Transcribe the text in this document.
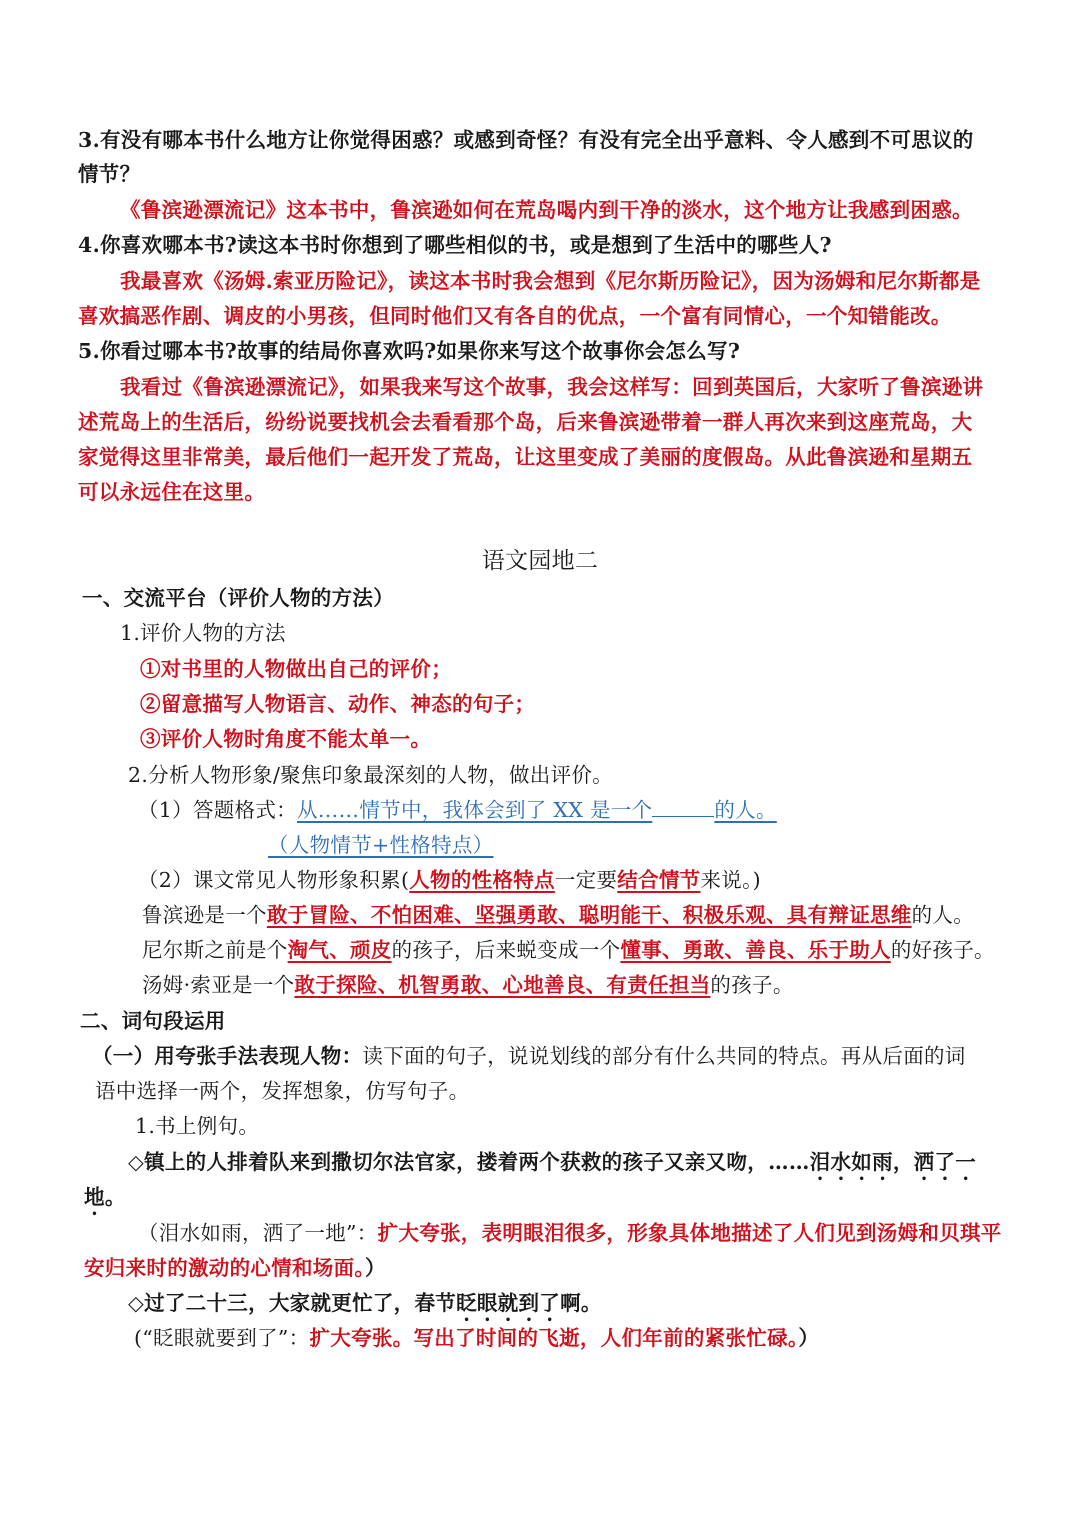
3.有没有哪本书什么地方让你觉得困惑？或感到奇怪？有没有完全出乎意料、令人感到不可思议的
情节？
《鲁滨逊漂流记》这本书中，鲁滨逊如何在荒岛喝内到干净的淡水，这个地方让我感到困惑。
4.你喜欢哪本书?读这本书时你想到了哪些相似的书，或是想到了生活中的哪些人?
我最喜欢《汤姆.索亚历险记》，读这本书时我会想到《尼尔斯历险记》，因为汤姆和尼尔斯都是
喜欢搞恶作剧、调皮的小男孩，但同时他们又有各自的优点，一个富有同情心，一个知错能改。
5.你看过哪本书?故事的结局你喜欢吗?如果你来写这个故事你会怎么写?
我看过《鲁滨逊漂流记》，如果我来写这个故事，我会这样写：回到英国后，大家听了鲁滨逊讲
述荒岛上的生活后，纷纷说要找机会去看看那个岛，后来鲁滨逊带着一群人再次来到这座荒岛，大
家觉得这里非常美，最后他们一起开发了荒岛，让这里变成了美丽的度假岛。从此鲁滨逊和星期五
可以永远住在这里。
语文园地二
一、交流平台（评价人物的方法）
1.评价人物的方法
①对书里的人物做出自己的评价；
②留意描写人物语言、动作、神态的句子；
③评价人物时角度不能太单一。
2.分析人物形象/聚焦印象最深刻的人物，做出评价。
（1）答题格式：从……情节中，我体会到了 XX 是一个	的人。
（人物情节+性格特点）
（2）课文常见人物形象积累(人物的性格特点一定要结合情节来说。)
鲁滨逊是一个敢于冒险、不怕困难、坚强勇敢、聪明能干、积极乐观、具有辩证思维的人。
尼尔斯之前是个淘气、顽皮的孩子，后来蜕变成一个懂事、勇敢、善良、乐于助人的好孩子。
汤姆·索亚是一个敢于探险、机智勇敢、心地善良、有责任担当的孩子。
二、词句段运用
（一）用夸张手法表现人物：读下面的句子，说说划线的部分有什么共同的特点。再从后面的词
语中选择一两个，发挥想象，仿写句子。
1.书上例句。
◇镇上的人排着队来到撒切尔法官家，搂着两个获救的孩子又亲又吻，……泪水如雨，洒了一
地。
（泪水如雨，洒了一地”：扩大夸张，表明眼泪很多，形象具体地描述了人们见到汤姆和贝琪平
安归来时的激动的心情和场面。）
◇过了二十三，大家就更忙了，春节眨眼就到了啊。
(“眨眼就要到了”：扩大夸张。写出了时间的飞逝，人们年前的紧张忙碌。）
